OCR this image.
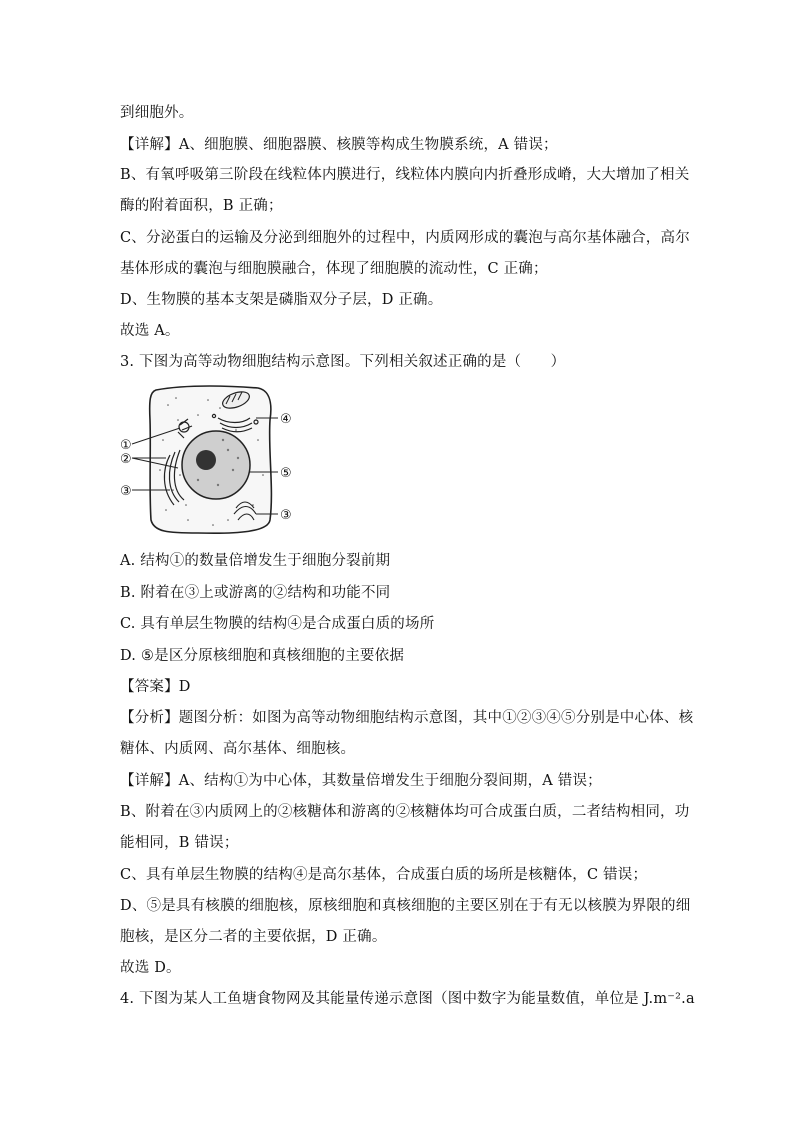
到细胞外。
【详解】A、细胞膜、细胞器膜、核膜等构成生物膜系统，A 错误；
B、有氧呼吸第三阶段在线粒体内膜进行，线粒体内膜向内折叠形成嵴，大大增加了相关
酶的附着面积，B 正确；
C、分泌蛋白的运输及分泌到细胞外的过程中，内质网形成的囊泡与高尔基体融合，高尔
基体形成的囊泡与细胞膜融合，体现了细胞膜的流动性，C 正确；
D、生物膜的基本支架是磷脂双分子层，D 正确。
故选 A。
3. 下图为高等动物细胞结构示意图。下列相关叙述正确的是（　　）
①
②
③
④
⑤
③
A. 结构①的数量倍增发生于细胞分裂前期
B. 附着在③上或游离的②结构和功能不同
C. 具有单层生物膜的结构④是合成蛋白质的场所
D. ⑤是区分原核细胞和真核细胞的主要依据
【答案】D
【分析】题图分析：如图为高等动物细胞结构示意图，其中①②③④⑤分别是中心体、核
糖体、内质网、高尔基体、细胞核。
【详解】A、结构①为中心体，其数量倍增发生于细胞分裂间期，A 错误；
B、附着在③内质网上的②核糖体和游离的②核糖体均可合成蛋白质，二者结构相同，功
能相同，B 错误；
C、具有单层生物膜的结构④是高尔基体，合成蛋白质的场所是核糖体，C 错误；
D、⑤是具有核膜的细胞核，原核细胞和真核细胞的主要区别在于有无以核膜为界限的细
胞核，是区分二者的主要依据，D 正确。
故选 D。
4. 下图为某人工鱼塘食物网及其能量传递示意图（图中数字为能量数值，单位是 J.m⁻².a
